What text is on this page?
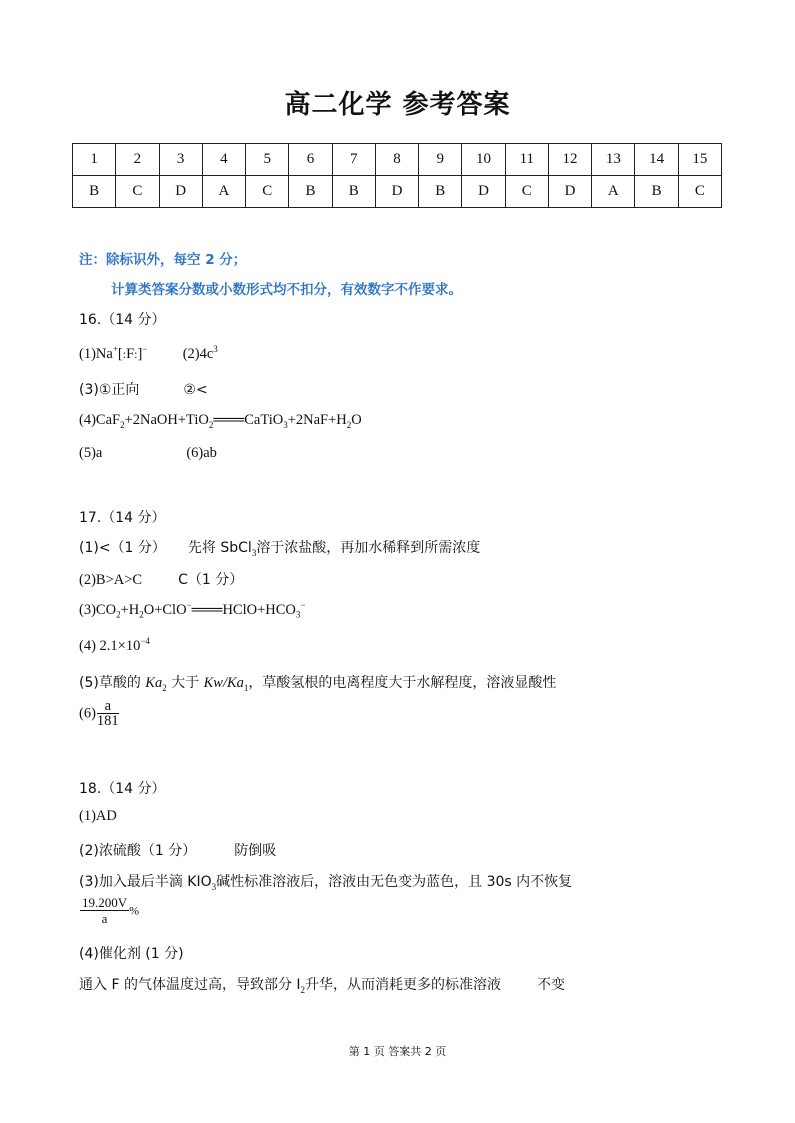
高二化学 参考答案
1	2	3	4	5	6	7	8	9	10	11	12	13	14	15
B	C	D	A	C	B	B	D	B	D	C	D	A	B	C
注：除标识外，每空 2 分；
计算类答案分数或小数形式均不扣分，有效数字不作要求。
16.（14 分）
(1)Na+[:F:]− $(2)4c^3$
(3)①正向	②<
$(4)CaF_2+2NaOH+TiO_2═══CaTiO_3+2NaF+H_2O$
(5)a	(6)ab
17.（14 分）
(1)<（1 分） 先将 SbCl$_3$溶于浓盐酸，再加水稀释到所需浓度
(2)B>A>C	C（1 分）
$(3)CO_2+H_2O+ClO^-═══HClO+HCO_3^-$
(4) $2.1\times 10^{-4}$
(5)草酸的 $Ka_2$ 大于 $Kw/Ka_1$，草酸氢根的电离程度大于水解程度，溶液显酸性
$(6) \frac{a}{181}$
18.（14 分）
(1)AD
(2)浓硫酸（1 分）	防倒吸
(3)加入最后半滴 $KIO_3$碱性标准溶液后，溶液由无色变为蓝色，且 30s 内不恢复
$\frac{19.200V}{a}$ %
(4)催化剂 (1 分)
通入 F 的气体温度过高，导致部分 $I_2$升华，从而消耗更多的标准溶液	不变
第 1 页 答案共 2 页
